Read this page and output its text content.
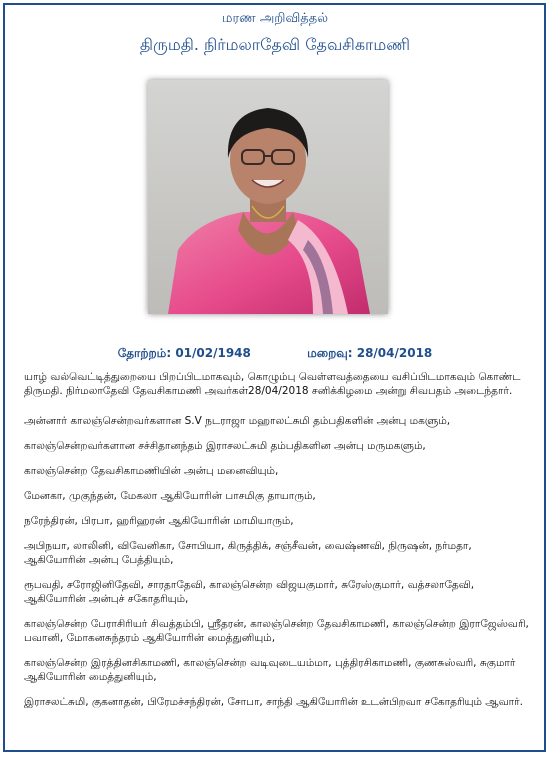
மரண அறிவித்தல்
திருமதி. நிர்மலாதேவி தேவசிகாமணி
தோற்றம்: 01/02/1948	மறைவு: 28/04/2018

யாழ் வல்வெட்டித்துறையை பிறப்பிடமாகவும், கொழும்பு வெள்ளவத்தையை வசிப்பிடமாகவும் கொண்ட திருமதி. நிர்மலாதேவி தேவசிகாமணி அவர்கள்28/04/2018 சனிக்கிழமை அன்று சிவபதம் அடைந்தார்.

அன்னார் காலஞ்சென்றவர்களான S.V நடராஜா மஹாலட்சுமி தம்பதிகளின் அன்பு மகளும்,

காலஞ்சென்றவர்களான சச்சிதானந்தம் இராசலட்சுமி தம்பதிகளின அன்பு மருமகளும்,

காலஞ்சென்ற தேவசிகாமணியின் அன்பு மனைவியும்,

மேனகா, முகுந்தன், மேகலா ஆகியோரின் பாசமிகு தாயாரும்,

நரேந்திரன், பிரபா, ஹரிஹரன் ஆகியோரின் மாமியாரும்,

அபிநயா, லாலினி, விவேனிகா, சோபியா, கிருத்திக், சஞ்சீவன், வைஷ்ணவி, நிருஷன், நர்மதா, ஆகியோரின் அன்பு பேத்தியும்,

ரூபவதி, சரோஜினிதேவி, சாரதாதேவி, காலஞ்சென்ற விஜயகுமார், சுரேஸ்குமார், வத்சலாதேவி, ஆகியோரின் அன்புச் சகோதரியும்,

காலஞ்சென்ற பேராசிரியர் சிவத்தம்பி, ஸ்ரீதரன், காலஞ்சென்ற தேவசிகாமணி, காலஞ்சென்ற இராஜேஸ்வரி, பவானி, மோகனசுந்தரம் ஆகியோரின் மைத்துனியும்,

காலஞ்சென்ற இரத்தினசிகாமணி, காலஞ்சென்ற வடிவுடையம்மா, புத்திரசிகாமணி, குணசுஸ்வரி, சுகுமார் ஆகியோரின் மைத்துனியும்,

இராசலட்சுமி, குகனாதன், பிரேமச்சந்திரன், சோபா, சாந்தி ஆகியோரின் உடன்பிறவா சகோதரியும் ஆவார்.
